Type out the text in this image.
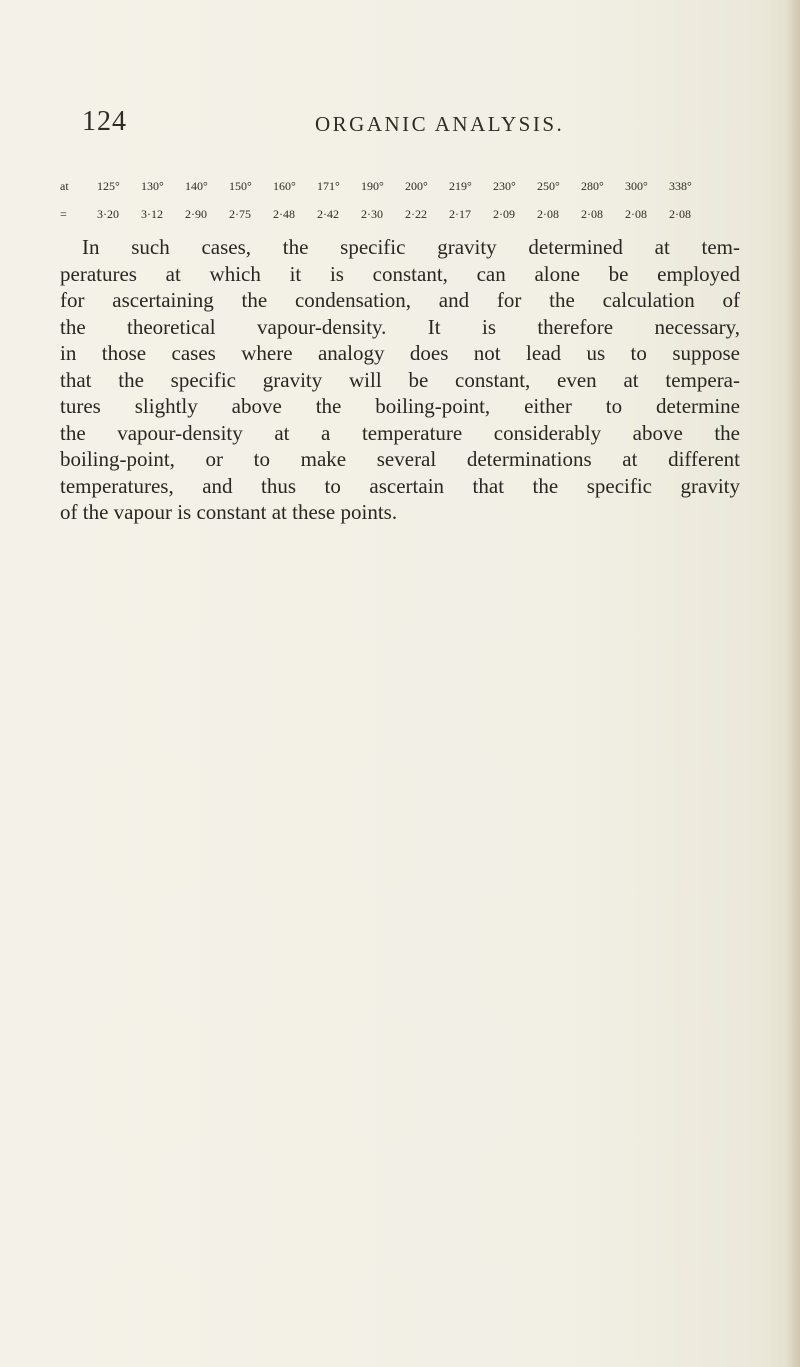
124	ORGANIC ANALYSIS.
at	125°	130°	140°	150°	160°	171°	190°	200°	219°	230°	250°	280°	300°	338°
=	3·20	3·12	2·90	2·75	2·48	2·42	2·30	2·22	2·17	2·09	2·08	2·08	2·08	2·08
In such cases, the specific gravity determined at tem-
peratures at which it is constant, can alone be employed
for ascertaining the condensation, and for the calculation of
the theoretical vapour-density. It is therefore necessary,
in those cases where analogy does not lead us to suppose
that the specific gravity will be constant, even at tempera-
tures slightly above the boiling-point, either to determine
the vapour-density at a temperature considerably above the
boiling-point, or to make several determinations at different
temperatures, and thus to ascertain that the specific gravity
of the vapour is constant at these points.
